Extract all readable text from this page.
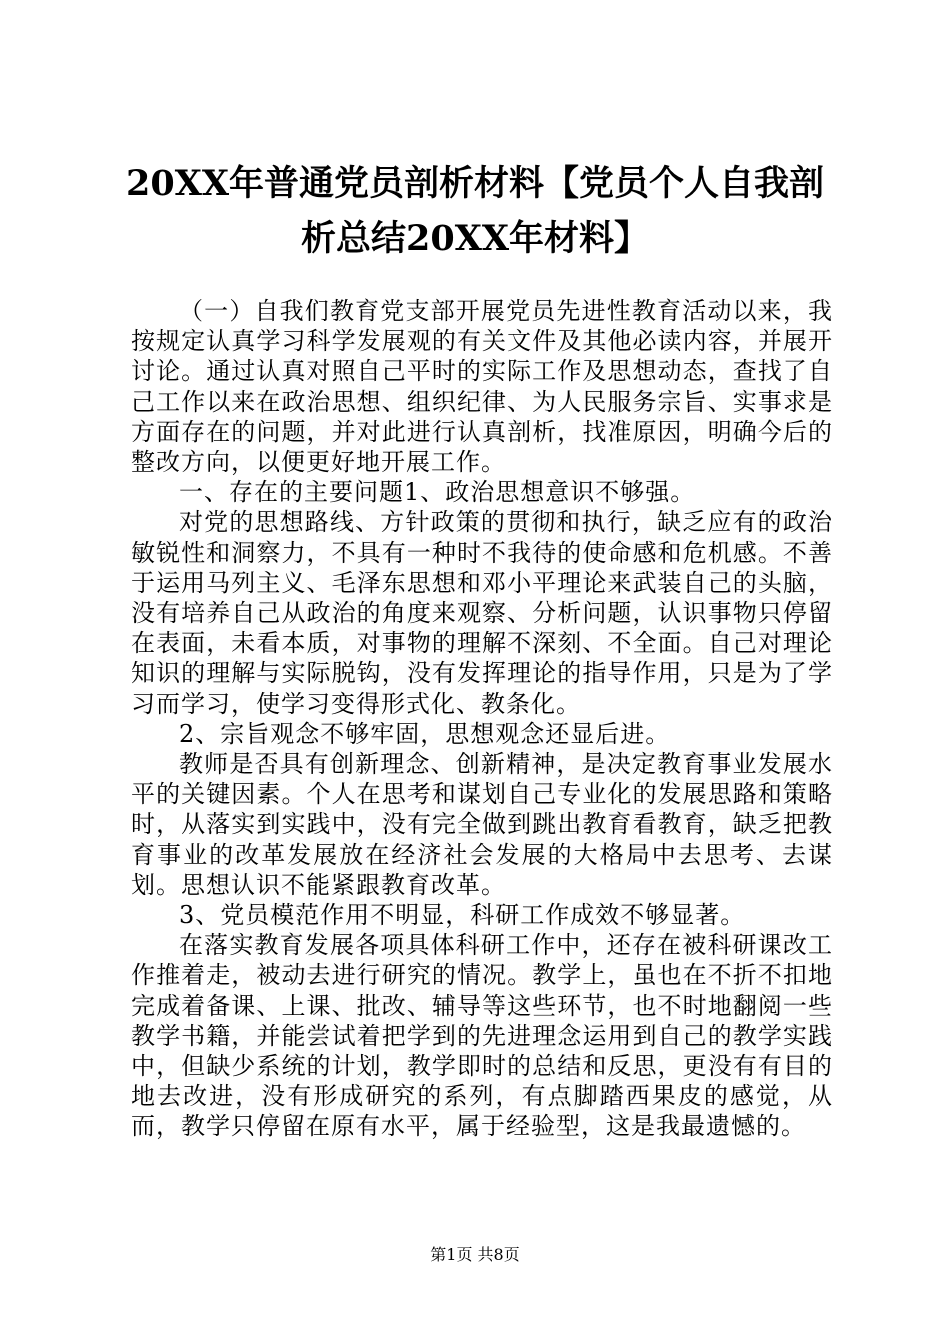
20XX年普通党员剖析材料【党员个人自我剖析总结20XX年材料】

（一）自我们教育党支部开展党员先进性教育活动以来，我按规定认真学习科学发展观的有关文件及其他必读内容，并展开讨论。通过认真对照自己平时的实际工作及思想动态，查找了自己工作以来在政治思想、组织纪律、为人民服务宗旨、实事求是方面存在的问题，并对此进行认真剖析，找准原因，明确今后的整改方向，以便更好地开展工作。

一、存在的主要问题1、政治思想意识不够强。

对党的思想路线、方针政策的贯彻和执行，缺乏应有的政治敏锐性和洞察力，不具有一种时不我待的使命感和危机感。不善于运用马列主义、毛泽东思想和邓小平理论来武装自己的头脑，没有培养自己从政治的角度来观察、分析问题，认识事物只停留在表面，未看本质，对事物的理解不深刻、不全面。自己对理论知识的理解与实际脱钩，没有发挥理论的指导作用，只是为了学习而学习，使学习变得形式化、教条化。

2、宗旨观念不够牢固，思想观念还显后进。

教师是否具有创新理念、创新精神，是决定教育事业发展水平的关键因素。个人在思考和谋划自己专业化的发展思路和策略时，从落实到实践中，没有完全做到跳出教育看教育，缺乏把教育事业的改革发展放在经济社会发展的大格局中去思考、去谋划。思想认识不能紧跟教育改革。

3、党员模范作用不明显，科研工作成效不够显著。

在落实教育发展各项具体科研工作中，还存在被科研课改工作推着走，被动去进行研究的情况。教学上，虽也在不折不扣地完成着备课、上课、批改、辅导等这些环节，也不时地翻阅一些教学书籍，并能尝试着把学到的先进理念运用到自己的教学实践中，但缺少系统的计划，教学即时的总结和反思，更没有有目的地去改进，没有形成研究的系列，有点脚踏西果皮的感觉，从而，教学只停留在原有水平，属于经验型，这是我最遗憾的。

第1页 共8页
